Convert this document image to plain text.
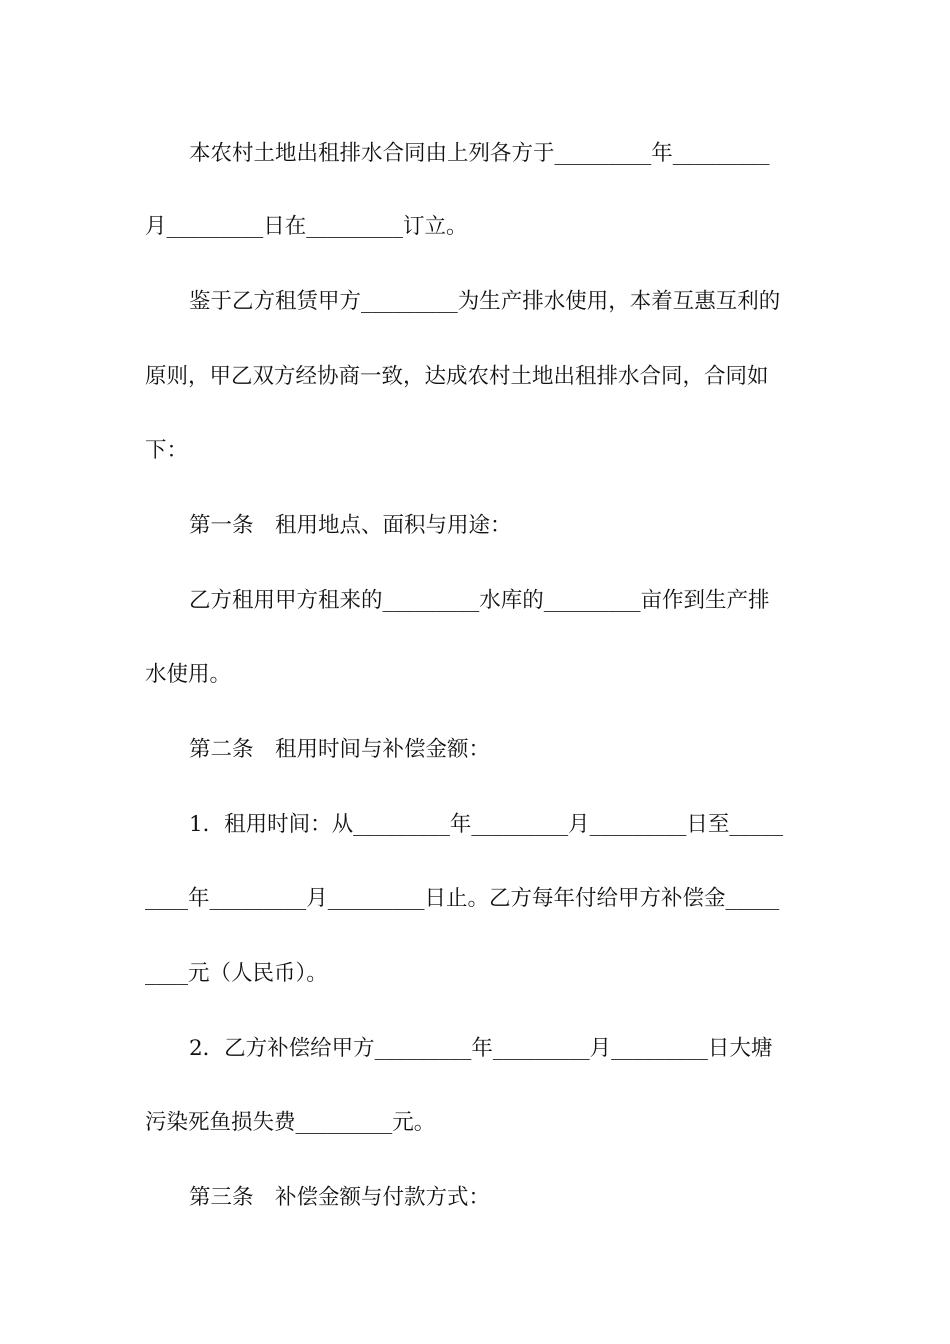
本农村土地出租排水合同由上列各方于_________年_________
月_________日在_________订立。
鉴于乙方租赁甲方_________为生产排水使用，本着互惠互利的
原则，甲乙双方经协商一致，达成农村土地出租排水合同，合同如
下：
第一条　租用地点、面积与用途：
乙方租用甲方租来的_________水库的_________亩作到生产排
水使用。
第二条　租用时间与补偿金额：
1．租用时间：从_________年_________月_________日至_____
____年_________月_________日止。乙方每年付给甲方补偿金_____
____元（人民币）。
2．乙方补偿给甲方_________年_________月_________日大塘
污染死鱼损失费_________元。
第三条　补偿金额与付款方式：
